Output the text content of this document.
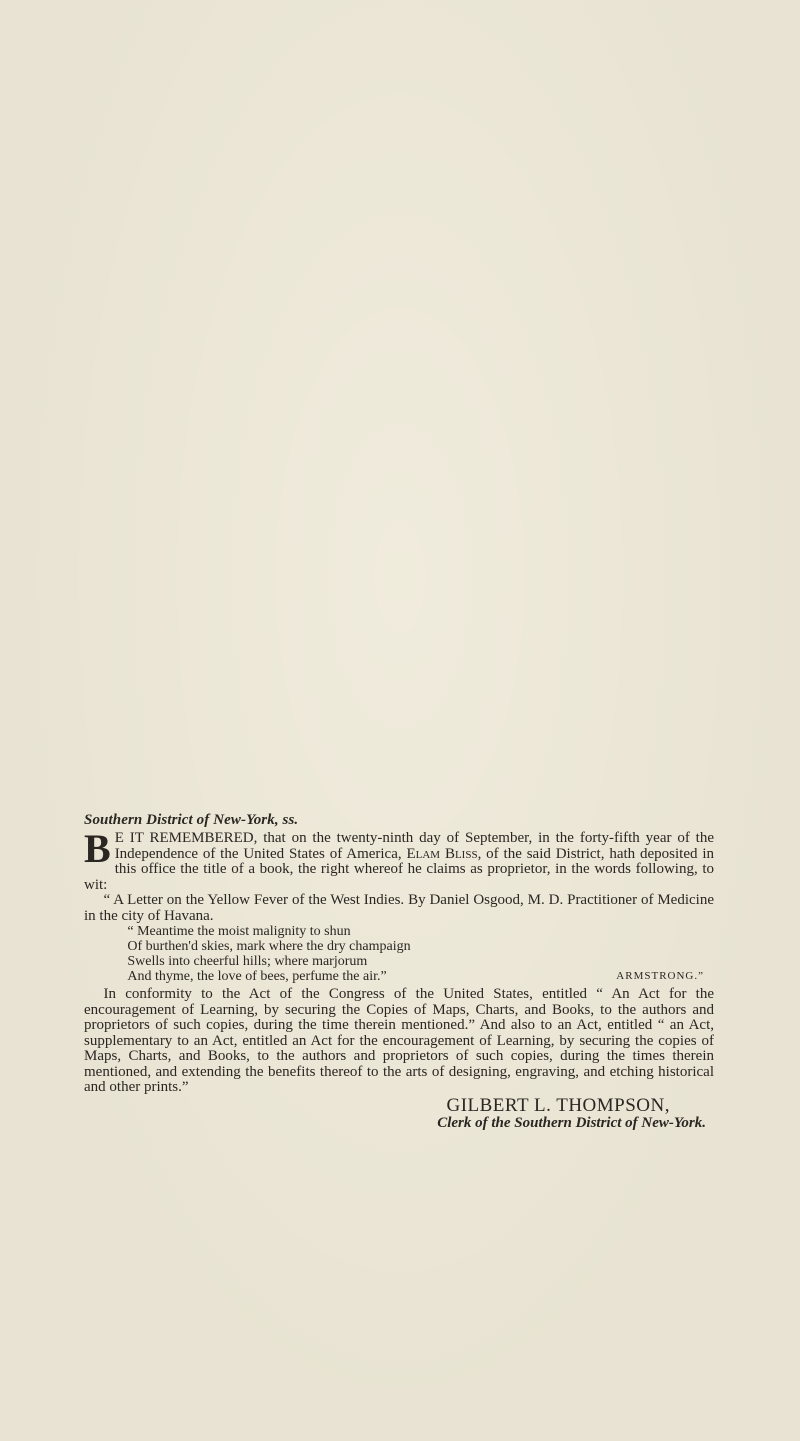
Southern District of New-York, ss.

B E IT REMEMBERED, that on the twenty-ninth day of September, in the forty-fifth year of the Independence of the United States of America, Elam Bliss, of the said District, hath deposited in this office the title of a book, the right whereof he claims as proprietor, in the words following, to wit:

“ A Letter on the Yellow Fever of the West Indies. By Daniel Osgood, M. D. Practitioner of Medicine in the city of Havana.

“ Meantime the moist malignity to shun
Of burthen'd skies, mark where the dry champaign
Swells into cheerful hills; where marjorum
And thyme, the love of bees, perfume the air.”	ARMSTRONG.”

In conformity to the Act of the Congress of the United States, entitled “ An Act for the encouragement of Learning, by securing the Copies of Maps, Charts, and Books, to the authors and proprietors of such copies, during the time therein mentioned.” And also to an Act, entitled “ an Act, supplementary to an Act, entitled an Act for the encouragement of Learning, by securing the copies of Maps, Charts, and Books, to the authors and proprietors of such copies, during the times therein mentioned, and extending the benefits thereof to the arts of designing, engraving, and etching historical and other prints.”

GILBERT L. THOMPSON,

Clerk of the Southern District of New-York.
